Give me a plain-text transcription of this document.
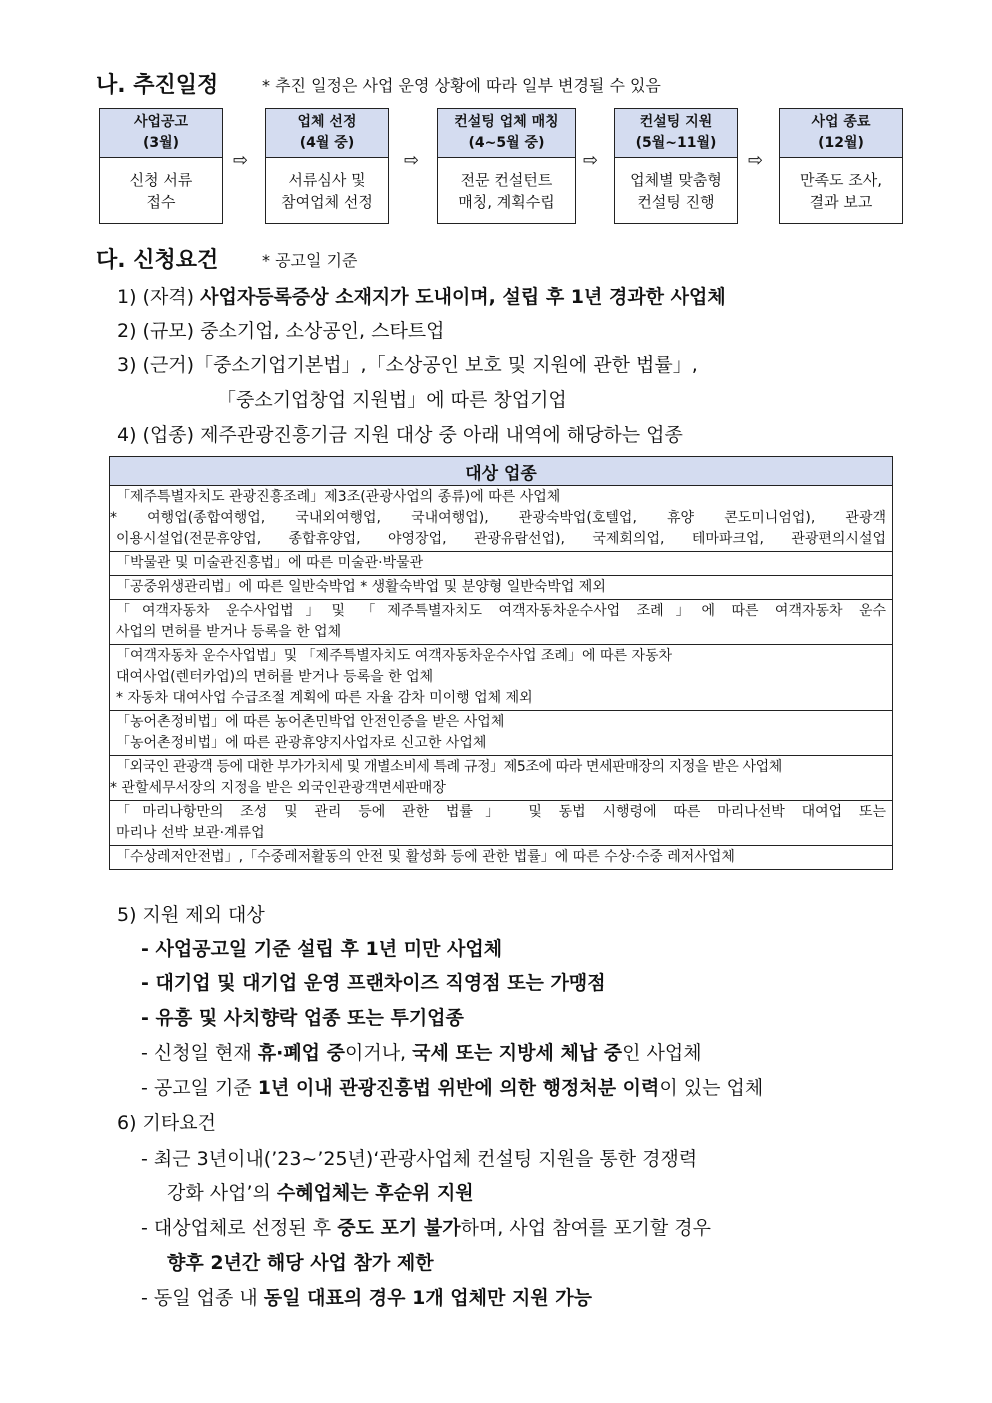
나. 추진일정	* 추진 일정은 사업 운영 상황에 따라 일부 변경될 수 있음
사업공고
(3월)
신청 서류
접수
⇨
업체 선정
(4월 중)
서류심사 및
참여업체 선정
⇨
컨설팅 업체 매칭
(4~5월 중)
전문 컨설턴트
매칭, 계획수립
⇨
컨설팅 지원
(5월~11월)
업체별 맞춤형
컨설팅 진행
⇨
사업 종료
(12월)
만족도 조사,
결과 보고
다. 신청요건	* 공고일 기준
1) (자격) 사업자등록증상 소재지가 도내이며, 설립 후 1년 경과한 사업체
2) (규모) 중소기업, 소상공인, 스타트업
3) (근거)「중소기업기본법」,「소상공인 보호 및 지원에 관한 법률」,
「중소기업창업 지원법」에 따른 창업기업
4) (업종) 제주관광진흥기금 지원 대상 중 아래 내역에 해당하는 업종
대상 업종
「제주특별자치도 관광진흥조례」제3조(관광사업의 종류)에 따른 사업체
* 여행업(종합여행업, 국내외여행업, 국내여행업), 관광숙박업(호텔업, 휴양 콘도미니엄업), 관광객
이용시설업(전문휴양업, 종합휴양업, 야영장업, 관광유람선업), 국제회의업, 테마파크업, 관광편의시설업
「박물관 및 미술관진흥법」에 따른 미술관·박물관
「공중위생관리법」에 따른 일반숙박업 * 생활숙박업 및 분양형 일반숙박업 제외
「여객자동차 운수사업법」및 「제주특별자치도 여객자동차운수사업 조례」에 따른 여객자동차 운수
사업의 면허를 받거나 등록을 한 업체
「여객자동차 운수사업법」및 「제주특별자치도 여객자동차운수사업 조례」에 따른 자동차
대여사업(렌터카업)의 면허를 받거나 등록을 한 업체
* 자동차 대여사업 수급조절 계획에 따른 자율 감차 미이행 업체 제외
「농어촌정비법」에 따른 농어촌민박업 안전인증을 받은 사업체
「농어촌정비법」에 따른 관광휴양지사업자로 신고한 사업체
「외국인 관광객 등에 대한 부가가치세 및 개별소비세 특례 규정」제5조에 따라 면세판매장의 지정을 받은 사업체
* 관할세무서장의 지정을 받은 외국인관광객면세판매장
「마리나항만의 조성 및 관리 등에 관한 법률」 및 동법 시행령에 따른 마리나선박 대여업 또는
마리나 선박 보관·계류업
「수상레저안전법」,「수중레저활동의 안전 및 활성화 등에 관한 법률」에 따른 수상·수중 레저사업체
5) 지원 제외 대상
- 사업공고일 기준 설립 후 1년 미만 사업체
- 대기업 및 대기업 운영 프랜차이즈 직영점 또는 가맹점
- 유흥 및 사치향락 업종 또는 투기업종
- 신청일 현재 휴·폐업 중이거나, 국세 또는 지방세 체납 중인 사업체
- 공고일 기준 1년 이내 관광진흥법 위반에 의한 행정처분 이력이 있는 업체
6) 기타요건
- 최근 3년이내(’23~’25년)‘관광사업체 컨설팅 지원을 통한 경쟁력
강화 사업’의 수혜업체는 후순위 지원
- 대상업체로 선정된 후 중도 포기 불가하며, 사업 참여를 포기할 경우
향후 2년간 해당 사업 참가 제한
- 동일 업종 내 동일 대표의 경우 1개 업체만 지원 가능
